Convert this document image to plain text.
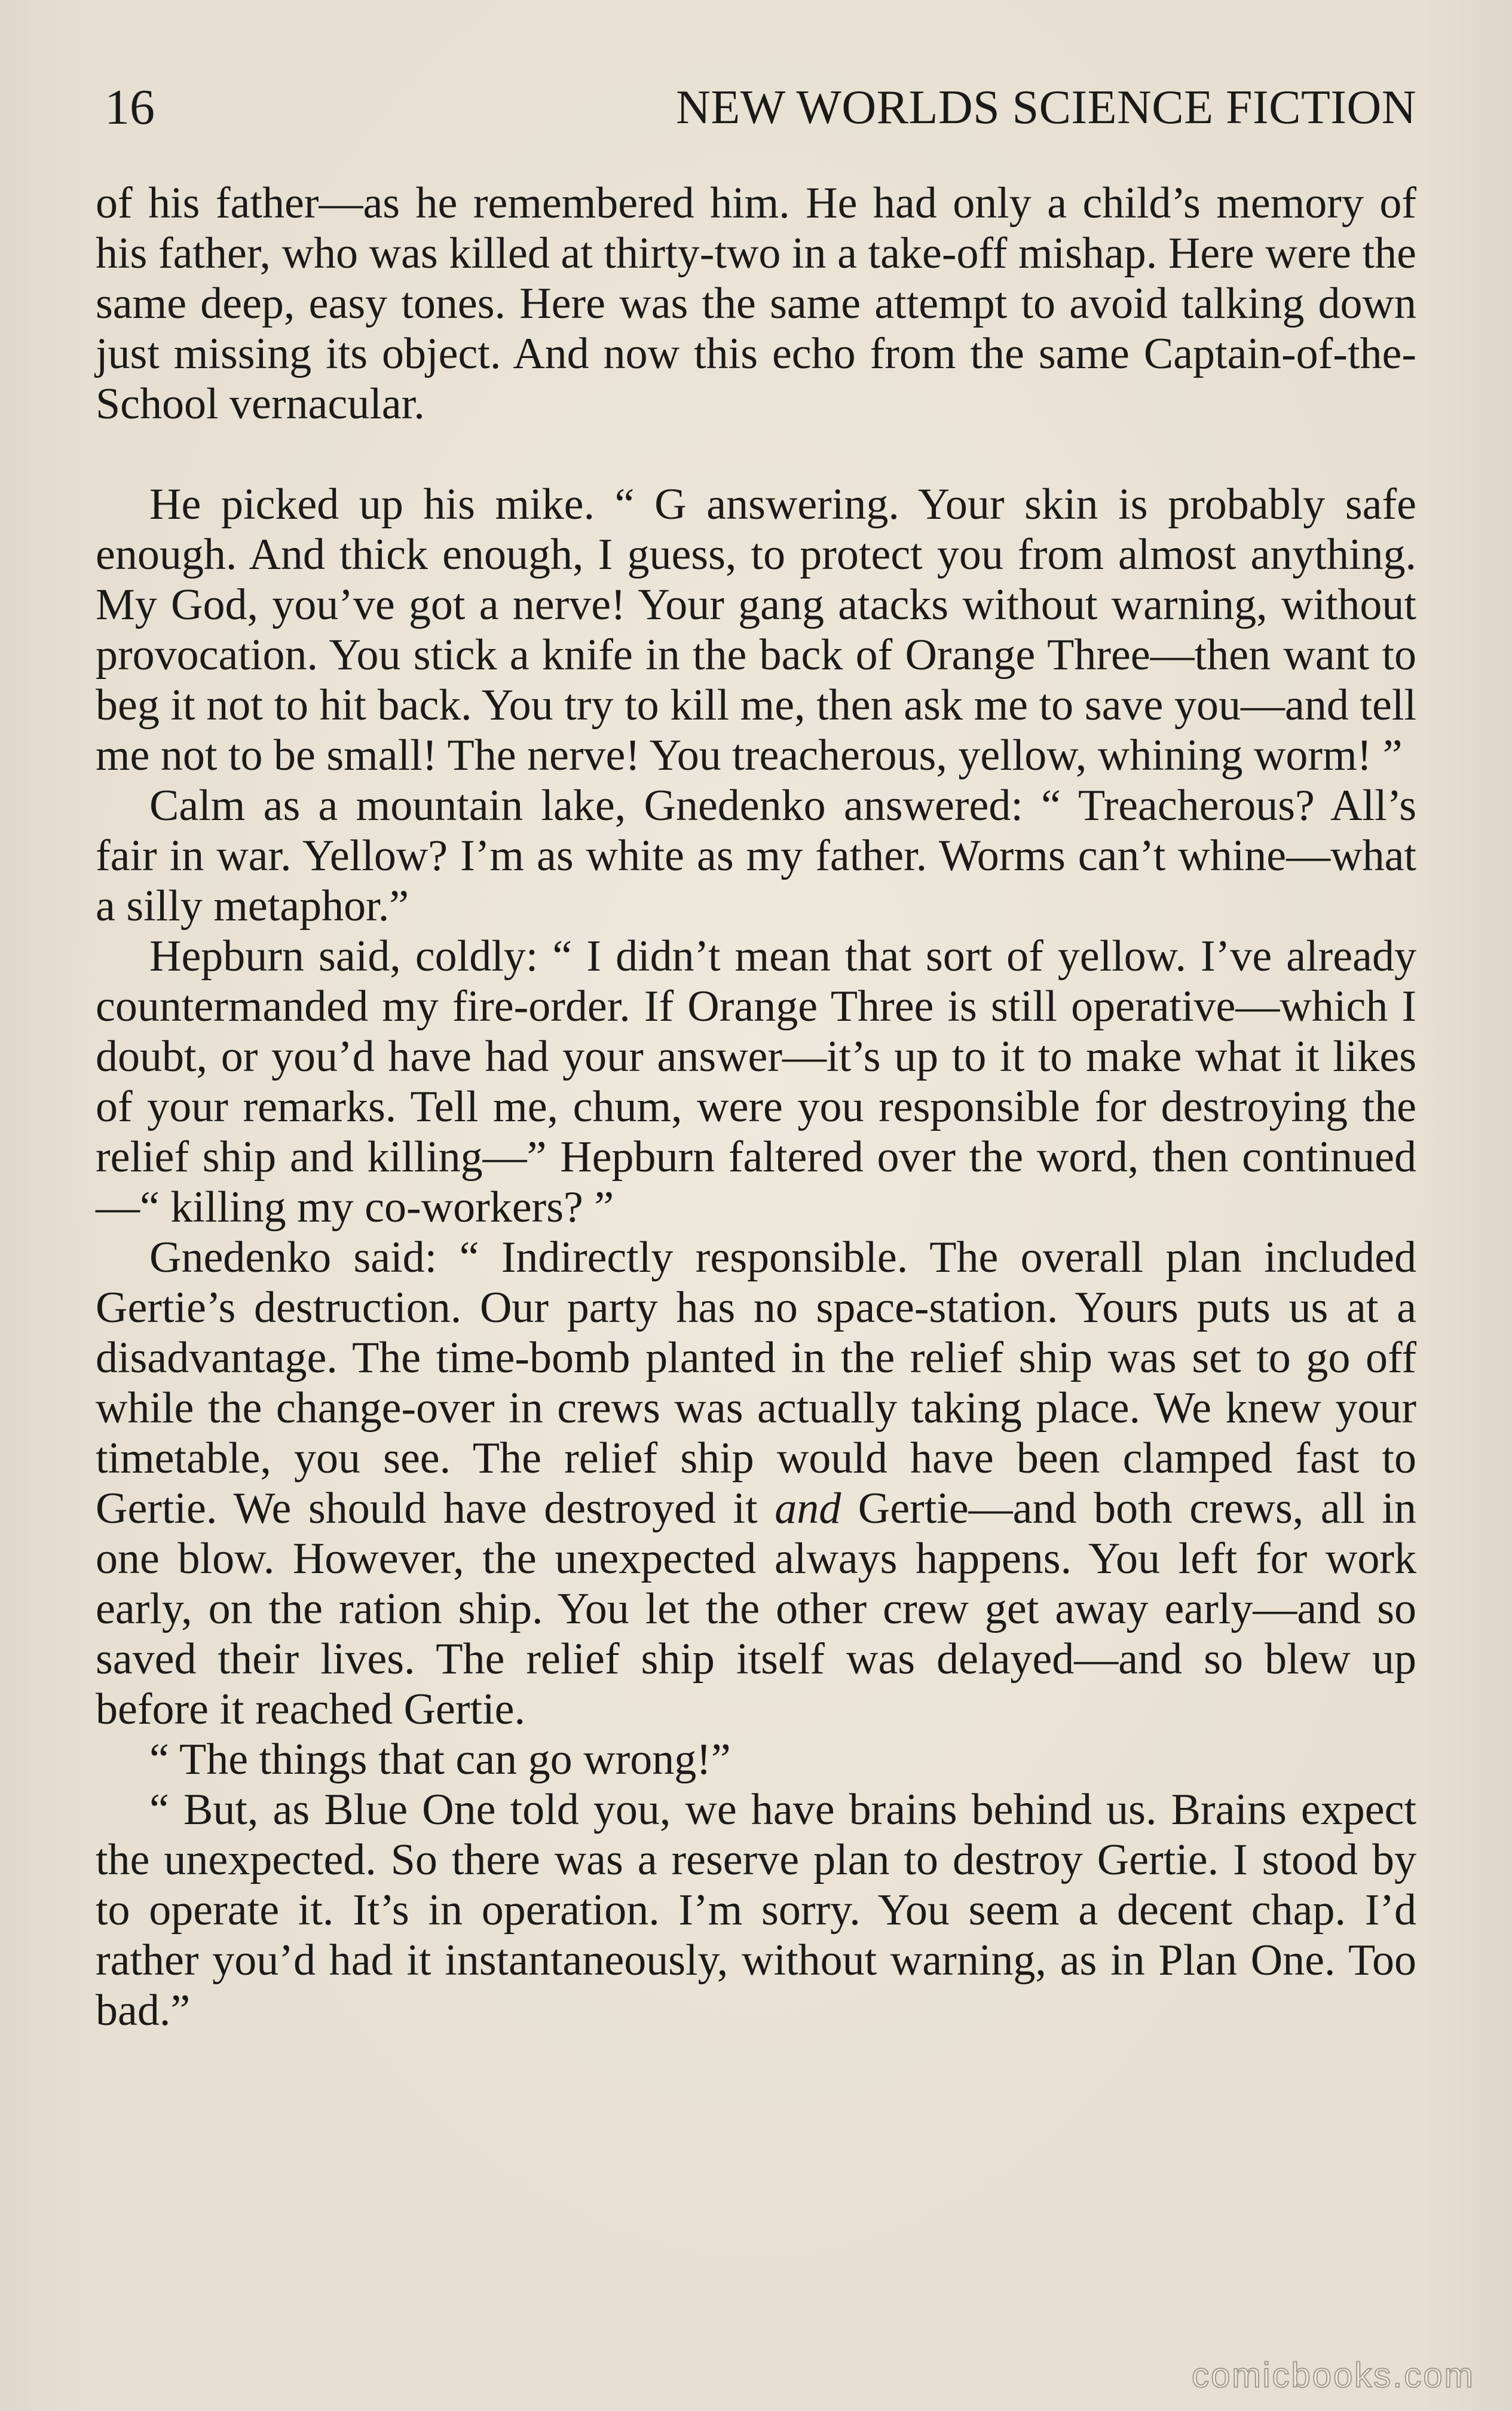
16	NEW WORLDS SCIENCE FICTION

of his father—as he remembered him. He had only a child’s memory of his father, who was killed at thirty-two in a take-off mishap. Here were the same deep, easy tones. Here was the same attempt to avoid talking down just missing its object. And now this echo from the same Captain-of-the-School vernacular.

He picked up his mike. “ G answering. Your skin is probably safe enough. And thick enough, I guess, to protect you from almost anything. My God, you’ve got a nerve! Your gang atacks without warning, without provocation. You stick a knife in the back of Orange Three—then want to beg it not to hit back. You try to kill me, then ask me to save you—and tell me not to be small! The nerve! You treacherous, yellow, whining worm! ”

Calm as a mountain lake, Gnedenko answered: “ Treacherous? All’s fair in war. Yellow? I’m as white as my father. Worms can’t whine—what a silly metaphor.”

Hepburn said, coldly: “ I didn’t mean that sort of yellow. I’ve already countermanded my fire-order. If Orange Three is still operative—which I doubt, or you’d have had your answer—it’s up to it to make what it likes of your remarks. Tell me, chum, were you responsible for destroying the relief ship and killing—” Hepburn faltered over the word, then continued—“ killing my co-workers? ”

Gnedenko said: “ Indirectly responsible. The overall plan included Gertie’s destruction. Our party has no space-station. Yours puts us at a disadvantage. The time-bomb planted in the relief ship was set to go off while the change-over in crews was actually taking place. We knew your timetable, you see. The relief ship would have been clamped fast to Gertie. We should have destroyed it and Gertie—and both crews, all in one blow. However, the unexpected always happens. You left for work early, on the ration ship. You let the other crew get away early—and so saved their lives. The relief ship itself was delayed—and so blew up before it reached Gertie.

“ The things that can go wrong!”

“ But, as Blue One told you, we have brains behind us. Brains expect the unexpected. So there was a reserve plan to destroy Gertie. I stood by to operate it. It’s in operation. I’m sorry. You seem a decent chap. I’d rather you’d had it instantaneously, without warning, as in Plan One. Too bad.”

comicbooks.com
